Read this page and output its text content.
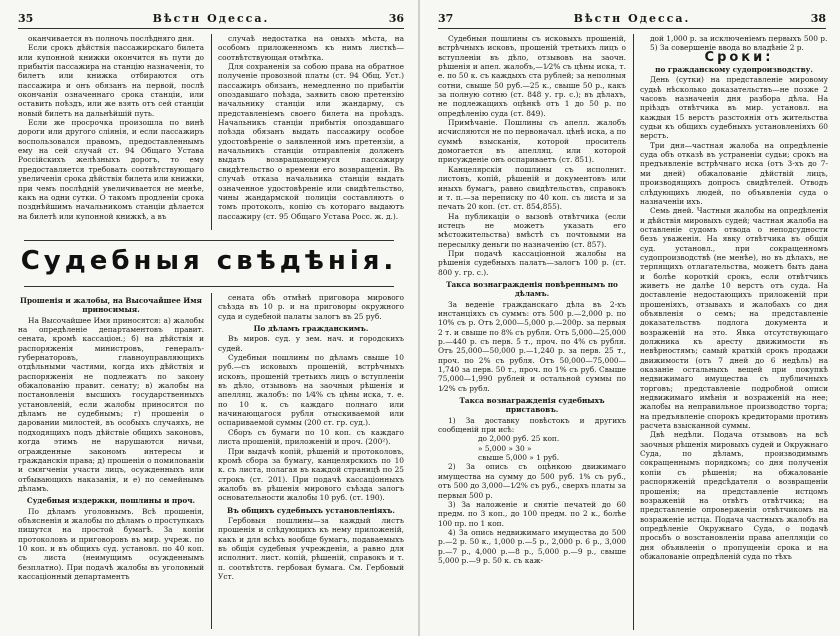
35	Вѣстн Одесса.	36

оканчивается въ полночь послѣдняго дня.

Если срокъ дѣйствія пассажирскаго билета или купонной книжки окончится въ пути до прибытія пассажира на станцію назначенія, то билетъ или книжка отбираются отъ пассажира и онъ обязанъ на первой, послѣ окончанія означеннаго срока станціи, или оставить поѣздъ, или же взять отъ сей станціи новый билетъ на дальнѣйшій путь.

Если же просрочка произошла по винѣ дороги или другого сліянія, и если пассажиръ воспользовался правомъ, предоставленнымъ ему на сей случай ст. 94 Общаго Устава Россійскихъ желѣзныхъ дорогъ, то ему предоставляется требовать соотвѣтствующаго увеличенія срока дѣйствія билета или книжки, при чемъ послѣдній увеличивается не менѣе, какъ на одни сутки. О такомъ продленіи срока позднѣйшимъ начальникомъ станціи дѣлается на билетѣ или купонной книжкѣ, а въ

случаѣ недостатка на оныхъ мѣста, на особомъ приложенномъ къ нимъ листкѣ—соотвѣтствующая отмѣтка.

Для сохраненія за собою права на обратное полученіе провозной платы (ст. 94 Общ. Уст.) пассажиръ обязанъ, немедленно по прибытіи опоздавшаго поѣзда, заявить свою претензію начальнику станціи или жандарму, съ представленіемъ своего билета на проѣздъ. Начальникъ станціи прибытія опоздавшаго поѣзда обязанъ выдать пассажиру особое удостовѣреніе о заявленной имъ претензіи, а начальникъ станціи отправленія долженъ выдать возвращающемуся пассажиру свидѣтельство о времени его возвращенія. Въ случаѣ отказа начальника станціи выдать означенное удостовѣреніе или свидѣтельство, чины жандармской полиціи составляютъ о томъ протоколъ, копію съ котораго выдаютъ пассажиру (ст. 95 Общаго Устава Росс. ж. д.).

Судебныя свѣдѣнія.

Прошенія и жалобы, на Высочайшее Имя приносимыя.

На Высочайшее Имя приносятся: а) жалобы на опредѣленіе департаментовъ правит. сената, кромѣ кассаціон.; б) на дѣйствія и распоряженія министровъ, генералъ-губернаторовъ, главноуправляющихъ отдѣльными частями, когда ихъ дѣйствія и распоряженія не подлежатъ по закону обжалованію правит. сенату; в) жалобы на постановленія высшихъ государственныхъ установленій, если жалобы приносятся по дѣламъ не судебнымъ; г) прошенія о даровании милостей, въ особыхъ случаяхъ, не подходящихъ подъ дѣйствіе общихъ законовъ, когда этимъ не нарушаются ничьи, огражденные закономъ интересы и гражданскія права; д) прошенія о помилованіи и смягченіи участи лицъ, осужденныхъ или отбывающихъ наказанія, и е) по семейнымъ дѣламъ.

Судебныя издержки, пошлины и проч.

По дѣламъ уголовнымъ. Всѣ прошенія, объясненія и жалобы по дѣламъ о проступкахъ пишутся на простой бумагѣ. За копіи протоколовъ и приговоровъ въ мир. учреж. по 10 коп. и въ общихъ суд. установл. по 40 коп. съ листа (неимущимъ осужденнымъ безплатно). При подачѣ жалобы въ уголовный кассаціонный департаментъ

сената объ отмѣнѣ приговора мирового съѣзда въ 10 р. и на приговоры окружного суда и судебной палаты залогъ въ 25 руб.

По дѣламъ гражданскимъ.

Въ миров. суд. у зем. нач. и городскихъ судей.

Судебныя пошлины по дѣламъ свыше 10 руб.—съ исковыхъ прошеній, встрѣчныхъ исковъ, прошеній третьихъ лицъ о вступленіи въ дѣло, отзывовъ на заочныя рѣшенія и апелляц. жалобъ: по 1⁄4% съ цѣны иска, т. е. по 10 к. съ каждаго полнаго или начинающагося рубля отыскиваемой или оспариваемой суммы (200 ст. гр. суд.).

Сборъ съ бумаги по 10 коп. съ каждаго листа прошеній, приложеній и проч. (200²).

При выдачѣ копій, рѣшеній и протоколовъ, кромѣ сбора за бумагу, канцелярскихъ по 10 к. съ листа, полагая въ каждой страницѣ по 25 строкъ (ст. 201). При подачѣ кассаціонныхъ жалобъ въ рѣшенія мирового съѣзда залогъ основательности жалобы 10 руб. (ст. 190).

Въ общихъ судебныхъ установленіяхъ.

Гербовыя пошлины—за каждый листъ прошенія и слѣдующихъ къ нему приложеній, какъ и для всѣхъ вообще бумагъ, подаваемыхъ въ общія судебныя учрежденія, а равно для исполнит. лист. копій, рѣшеній, справокъ и т. п. соотвѣтств. гербовая бумага. См. Гербовый Уст.

37	Вѣстн Одесса.	38

Судебныя пошлины съ исковыхъ прошеній, встрѣчныхъ исковъ, прошеній третьихъ лицъ о вступленіи въ дѣло, отзывовъ на заочн. рѣшенія и апел. жалобъ,—1⁄2% съ цѣны иска, т. е. по 50 к. съ каждыхъ ста рублей; за неполныя сотни, свыше 50 руб.—25 к., свыше 50 р., какъ за полную сотню (ст. 848 у. гр. с.); въ дѣлахъ, не подлежащихъ оцѣнкѣ отъ 1 до 50 р. по опредѣленію суда (ст. 849).

Примѣчаніе. Пошлины съ апелл. жалобъ исчисляются не по первоначал. цѣнѣ иска, а по суммѣ взысканія, которой проситель домогается въ апелляц. или которой присужденіе онъ оспариваетъ (ст. 851).

Канцелярскія пошлины съ исполнит. листовъ, копій, рѣшеній и документовъ или иныхъ бумагъ, равно свидѣтельствъ, справокъ и т. п.—за переписку по 40 коп. съ листа и за печать 20 коп. (ст. ст. 854,855).

На публикаціи о вызовѣ отвѣтчика (если истецъ не можетъ указать его мѣстожительства) вмѣстѣ съ почтовыми на пересылку деньги по назначенію (ст. 857).

При подачѣ кассаціонной жалобы на рѣшенія судебныхъ палатъ—залогъ 100 р. (ст. 800 у. гр. с.).

Такса вознагражденія повѣреннымъ по дѣламъ.

За веденіе гражданскаго дѣла въ 2-хъ инстанціяхъ съ суммъ: отъ 500 р.—2,000 р. по 10% съ р. Отъ 2,000—5,000 р.—200р. за первыя 2 т. и свыше по 8% съ рубля. Отъ 5,000—25,000 р.—440 р. съ перв. 5 т., проч. по 4% съ рубля. Отъ 25,000—50,000 р.—1,240 р. за перв. 25 т., проч. по 2% съ рубля. Отъ 50,000—75,000—1,740 за перв. 50 т., проч. по 1% съ руб. Свыше 75,000—1,990 рублей и остальной суммы по 1⁄2% съ рубл.

Такса вознагражденія судебныхъ приставовъ.

1) За доставку повѣстокъ и другихъ сообщеній при исѣ:

до 2,000 руб. 25 коп.

» 5,000 » 30 »

свыше 5,000 » 1 руб.

2) За опись съ оцѣнкою движимаго имущества на сумму до 500 руб. 1% съ руб., отъ 500 до 3,000—1⁄2% съ руб., сверхъ платы за первыя 500 р.

3) За наложеніе и снятіе печатей до 60 предм. по 3 коп., до 100 предм. по 2 к., болѣе 100 пр. по 1 коп.

4) За опись недвижимаго имущества до 500 р.—2 р. 50 к., 1,000 р.—5 р., 2,000 р. 6 р., 3,000 р.—7 р., 4,000 р.—8 р., 5,000 р.—9 р., свыше 5,000 р.—9 р. 50 к. съ каж-

дой 1,000 р. за исключеніемъ первыхъ 500 р.

5) За совершеніе ввода во владѣніе 2 р.

Сроки:

по гражданскому судопроизводству.

День (сутки) на представленіе мировому судьѣ нѣсколько доказательствъ—не позже 2 часовъ назначенія дня разбора дѣла. На пріѣздъ отвѣтчика въ мир. установл. на каждыя 15 верстъ разстоянія отъ жительства судьи къ общихъ судебныхъ установленіяхъ 60 верстъ.

Три дня—частная жалоба на опредѣленіе суда объ отказѣ въ устраненіи судьи; срокъ на предъявленіе встрѣчнаго иска (отъ 3-хъ до 7-ми дней) обжалованіе дѣйствій лицъ, производящихъ допросъ свидѣтелей. Отводъ слѣдующихъ людей, по объявленіи суда о назначеніи ихъ.

Семь дней. Частныя жалобы на опредѣленія и дѣйствія мировыхъ судей; частная жалоба на оставленіе судомъ отвода о неподсудности безъ уваженія. На явку отвѣтчика въ общія суд. установл., при сокращенномъ судопроизводствѣ (не менѣе), но въ дѣлахъ, не терпящихъ отлагательства, можетъ быть дана и болѣе короткій срокъ, если отвѣтчикъ живетъ не далѣе 10 верстъ отъ суда. На доставленіе недостающихъ приложеній при прошеніяхъ, отзывахъ и жалобахъ со дня объявленія о семъ; на представленіе доказательствъ подлога документа и возраженій на это. Явка отсутствующаго должника къ аресту движимости въ невѣрностямъ; самый краткій срокъ продажи движимости (отъ 7 дней до 6 недѣль) на оказаніе остальныхъ вещей при покупкѣ недвижимаго имущества съ публичныхъ торговъ; представленіе подробной описи недвижимаго имѣнія и возраженій на нее; жалобы на неправильное производство торга; на предъявленіе спорокъ кредиторами противъ расчета взысканной суммы.

Двѣ недѣли. Подача отзывовъ на всѣ заочныя рѣшенія мировыхъ судей и Окружнаго Суда, по дѣламъ, производимымъ сокращеннымъ порядкомъ; со дня полученія копіи съ рѣшенія; на обжалованіе распоряженій предсѣдателя о возвращеніи прошенія; на представленіе истцомъ возраженій на отвѣтъ отвѣтчика; на представленіе опроверженія отвѣтчикомъ на возраженіе истца. Подача частныхъ жалобъ на опредѣленіе Окружнаго Суда, о подачѣ просьбъ о возстановленіи права апелляціи со дня объявленія о пропущеніи срока и на обжалованіе опредѣленій суда по тѣхъ
